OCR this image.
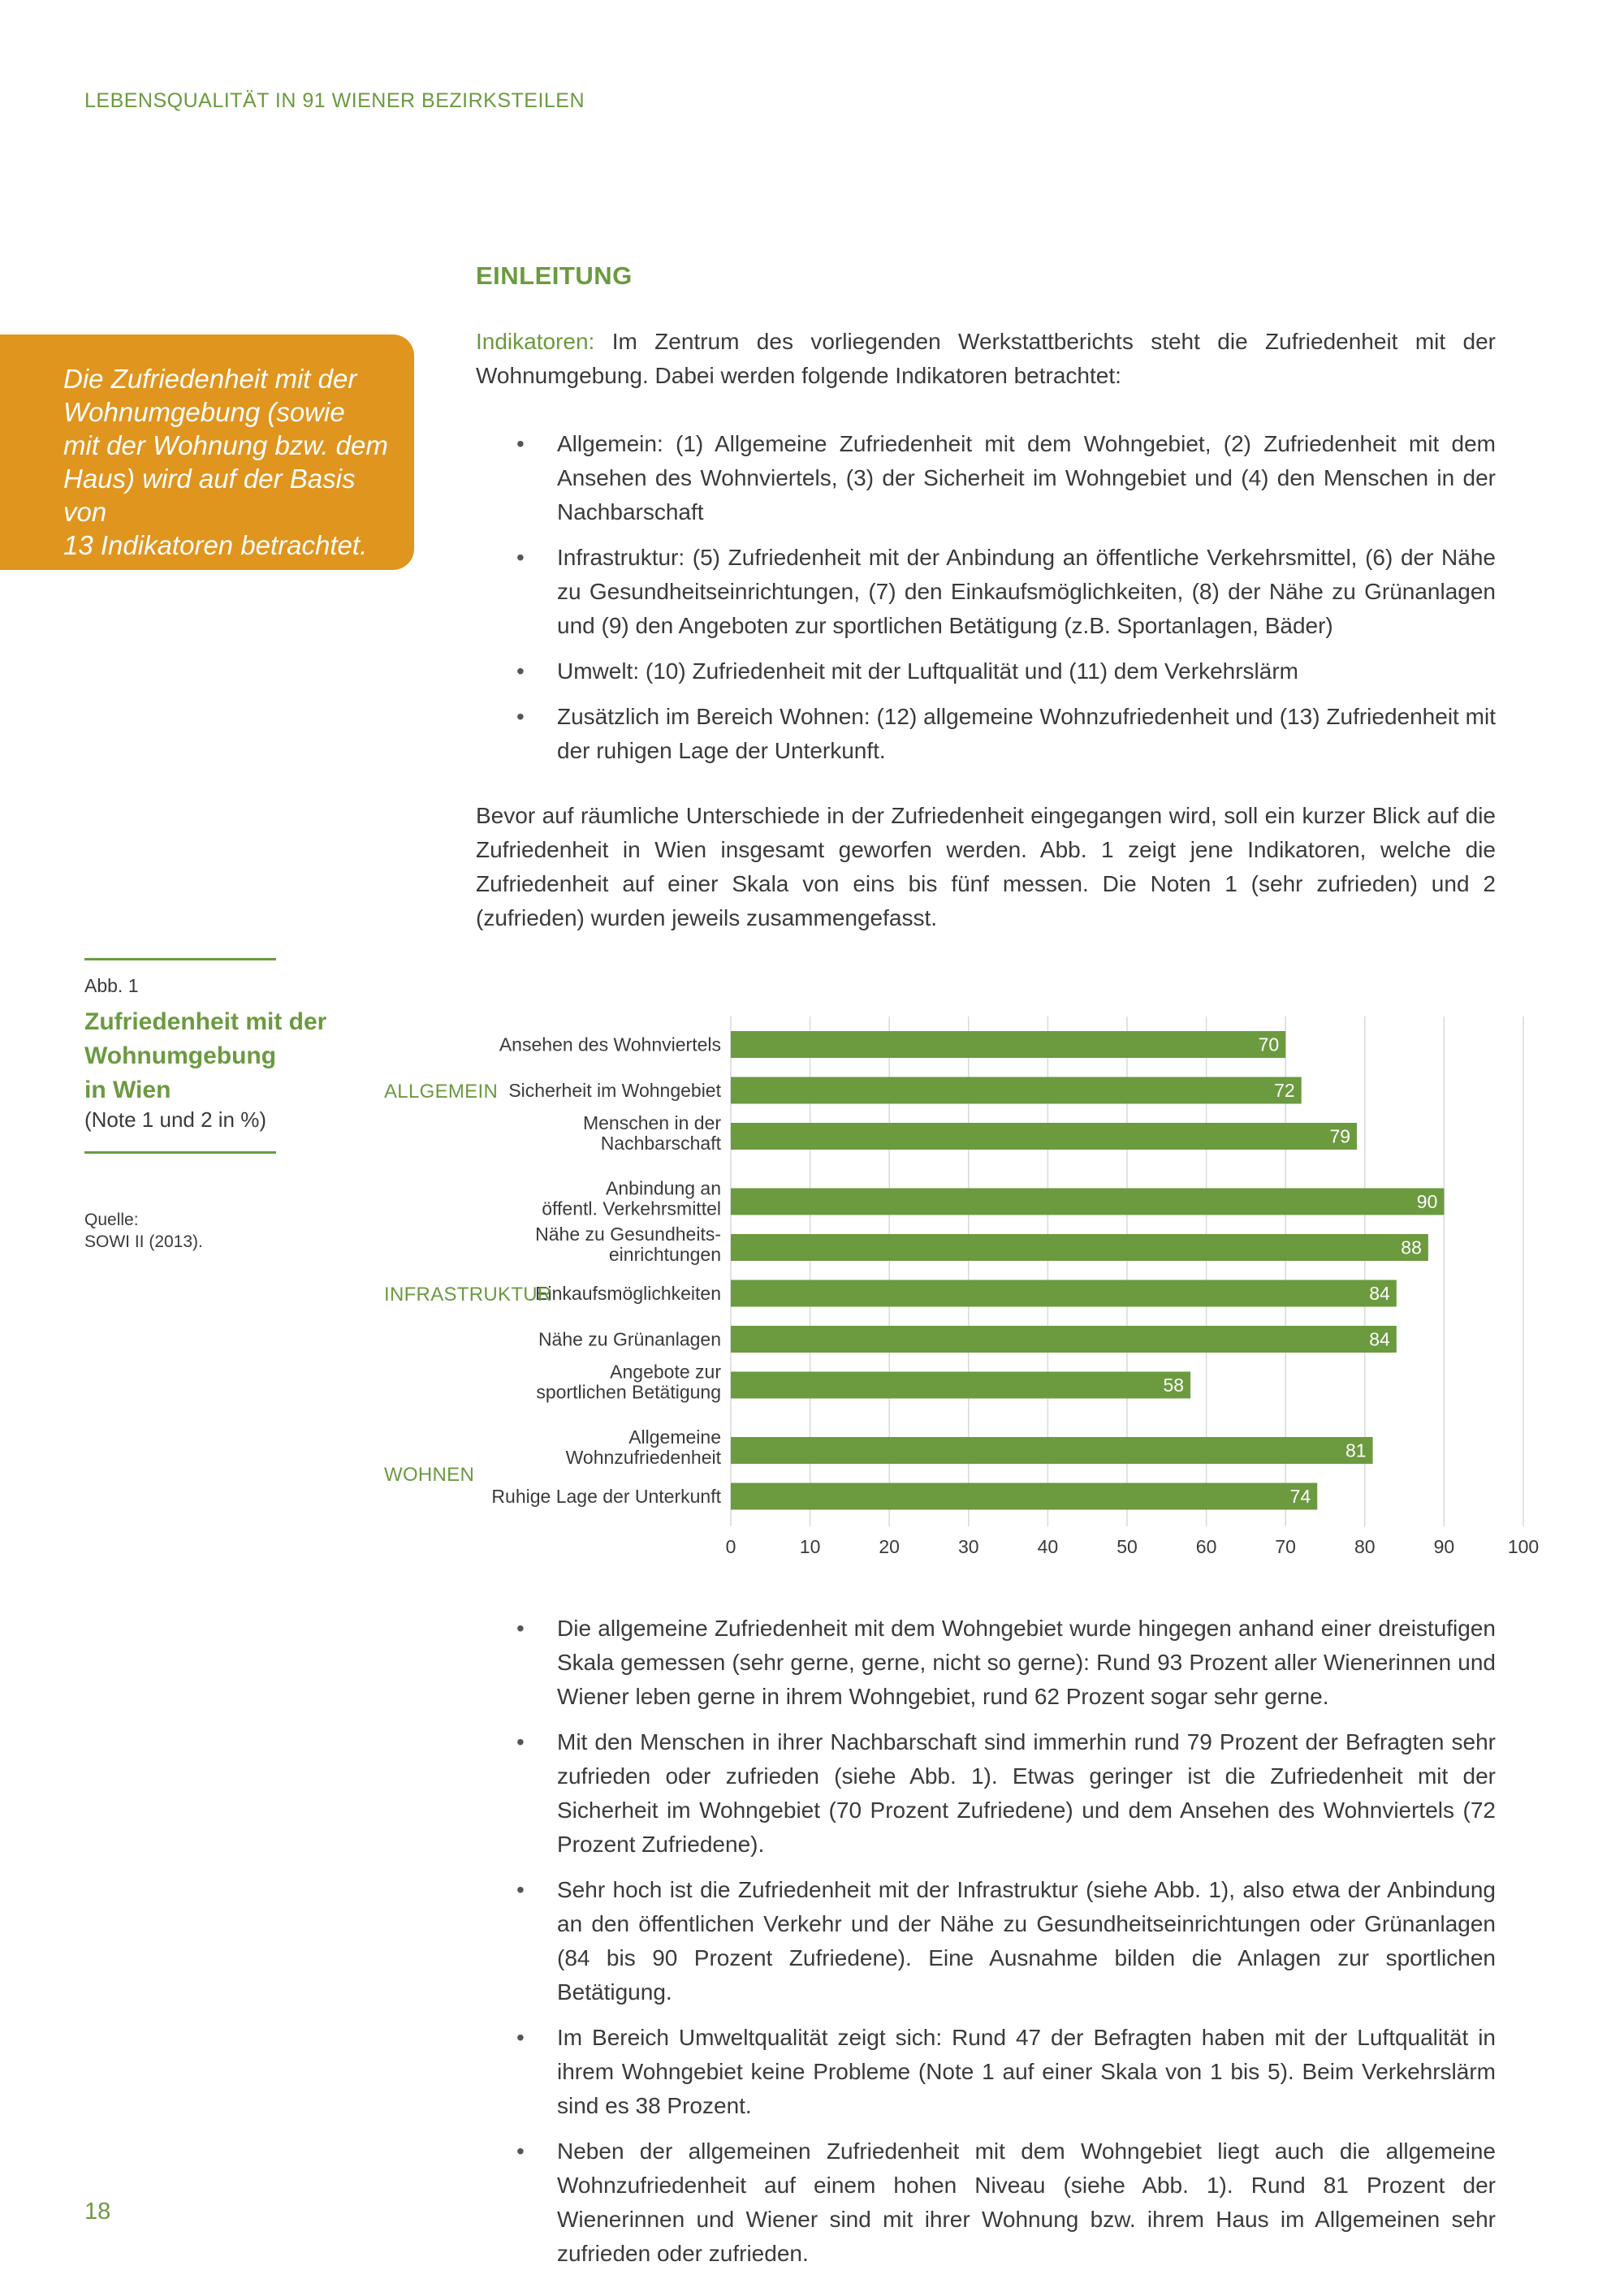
LEBENSQUALITÄT IN 91 WIENER BEZIRKSTEILEN
EINLEITUNG
Die Zufriedenheit mit der
Wohnumgebung (sowie
mit der Wohnung bzw. dem
Haus) wird auf der Basis von
13 Indikatoren betrachtet.
Indikatoren: Im Zentrum des vorliegenden Werkstattberichts steht die Zufriedenheit mit der Wohnumgebung. Dabei werden folgende Indikatoren betrachtet:
• Allgemein: (1) Allgemeine Zufriedenheit mit dem Wohngebiet, (2) Zufriedenheit mit dem Ansehen des Wohnviertels, (3) der Sicherheit im Wohngebiet und (4) den Menschen in der Nachbarschaft
• Infrastruktur: (5) Zufriedenheit mit der Anbindung an öffentliche Verkehrsmittel, (6) der Nähe zu Gesundheitseinrichtungen, (7) den Einkaufsmöglichkeiten, (8) der Nähe zu Grünanlagen und (9) den Angeboten zur sportlichen Betätigung (z.B. Sportanlagen, Bäder)
• Umwelt: (10) Zufriedenheit mit der Luftqualität und (11) dem Verkehrslärm
• Zusätzlich im Bereich Wohnen: (12) allgemeine Wohnzufriedenheit und (13) Zufriedenheit mit der ruhigen Lage der Unterkunft.
Bevor auf räumliche Unterschiede in der Zufriedenheit eingegangen wird, soll ein kurzer Blick auf die Zufriedenheit in Wien insgesamt geworfen werden. Abb. 1 zeigt jene Indikatoren, welche die Zufriedenheit auf einer Skala von eins bis fünf messen. Die Noten 1 (sehr zufrieden) und 2 (zufrieden) wurden jeweils zusammengefasst.
Abb. 1
Zufriedenheit mit der
Wohnumgebung
in Wien
(Note 1 und 2 in %)
Quelle:
SOWI II (2013).
0	10	20	30	40	50	60	70	80	90	100
70
Ansehen des Wohnviertels
72
Sicherheit im Wohngebiet
79
Menschen in der
Nachbarschaft
ALLGEMEIN
90
Anbindung an
öffentl. Verkehrsmittel
88
Nähe zu Gesundheits-
einrichtungen
84
Einkaufsmöglichkeiten
84
Nähe zu Grünanlagen
58
Angebote zur
sportlichen Betätigung
INFRASTRUKTUR
81
Allgemeine
Wohnzufriedenheit
74
Ruhige Lage der Unterkunft
WOHNEN
• Die allgemeine Zufriedenheit mit dem Wohngebiet wurde hingegen anhand einer dreistufigen Skala gemessen (sehr gerne, gerne, nicht so gerne): Rund 93 Prozent aller Wienerinnen und Wiener leben gerne in ihrem Wohngebiet, rund 62 Prozent sogar sehr gerne.
• Mit den Menschen in ihrer Nachbarschaft sind immerhin rund 79 Prozent der Befragten sehr zufrieden oder zufrieden (siehe Abb. 1). Etwas geringer ist die Zufriedenheit mit der Sicherheit im Wohngebiet (70 Prozent Zufriedene) und dem Ansehen des Wohnviertels (72 Prozent Zufriedene).
• Sehr hoch ist die Zufriedenheit mit der Infrastruktur (siehe Abb. 1), also etwa der Anbindung an den öffentlichen Verkehr und der Nähe zu Gesundheitseinrichtungen oder Grünanlagen (84 bis 90 Prozent Zufriedene). Eine Ausnahme bilden die Anlagen zur sportlichen Betätigung.
• Im Bereich Umweltqualität zeigt sich: Rund 47 der Befragten haben mit der Luftqualität in ihrem Wohngebiet keine Probleme (Note 1 auf einer Skala von 1 bis 5). Beim Verkehrslärm sind es 38 Prozent.
• Neben der allgemeinen Zufriedenheit mit dem Wohngebiet liegt auch die allgemeine Wohnzufriedenheit auf einem hohen Niveau (siehe Abb. 1). Rund 81 Prozent der Wienerinnen und Wiener sind mit ihrer Wohnung bzw. ihrem Haus im Allgemeinen sehr zufrieden oder zufrieden.
18
